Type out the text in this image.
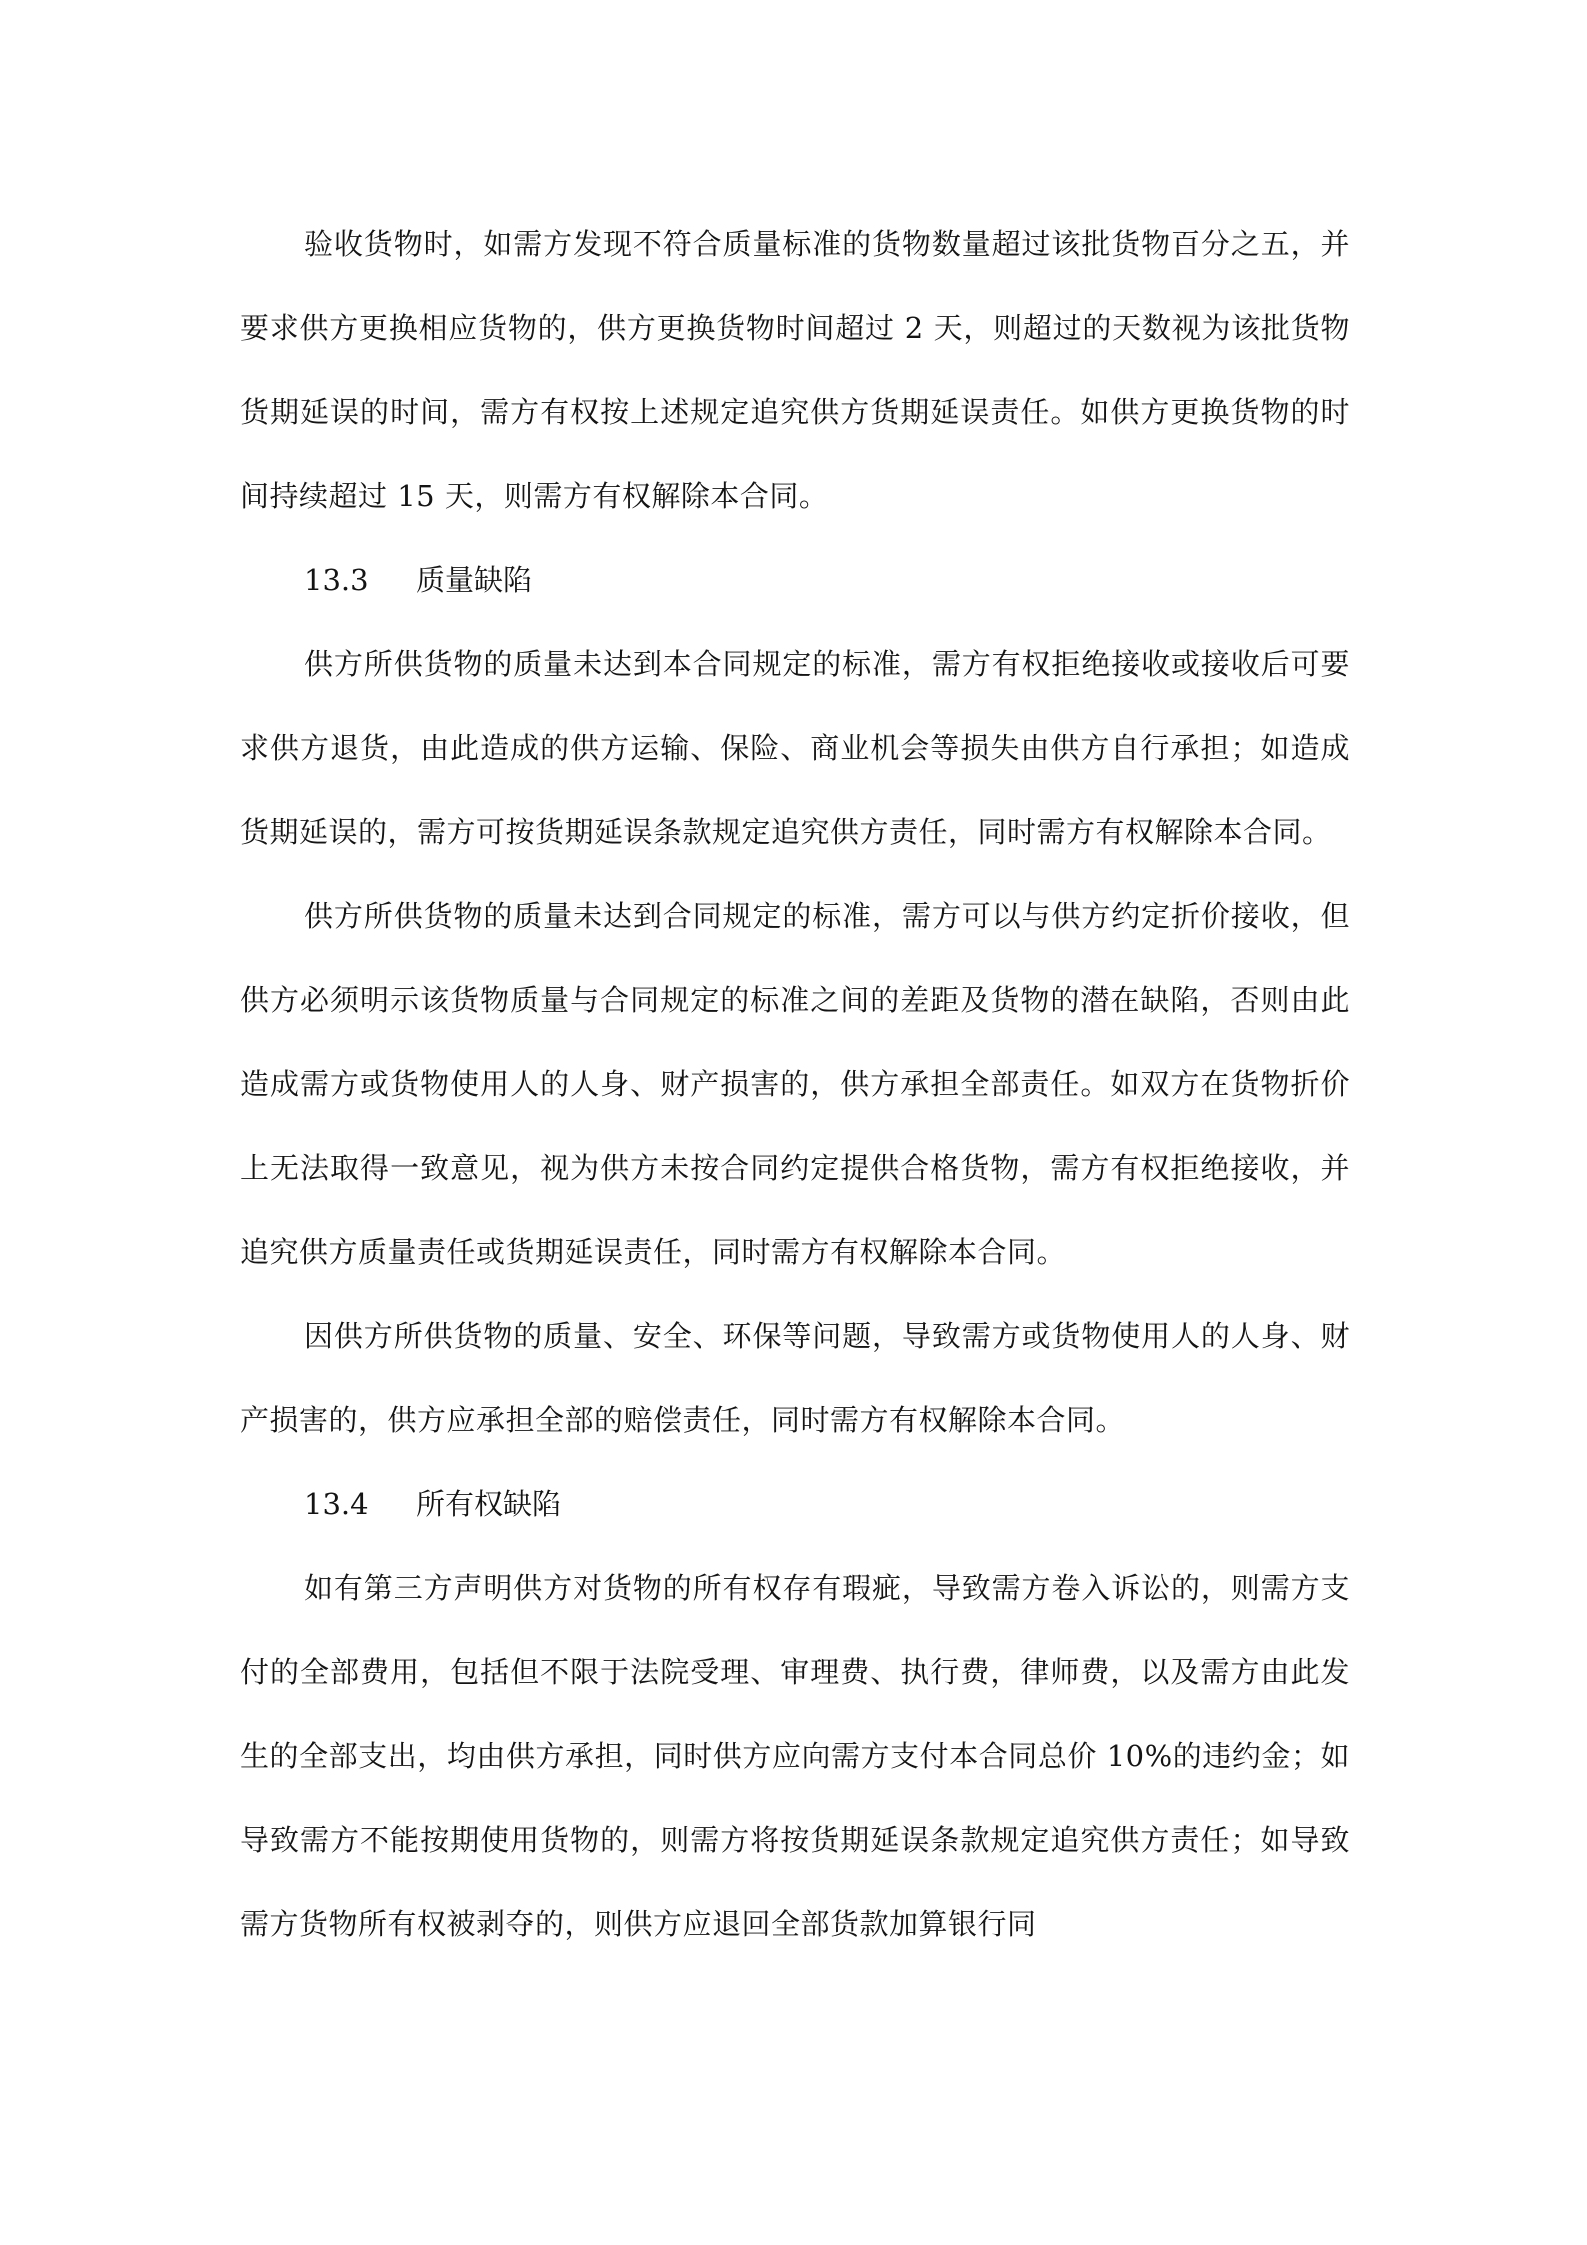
验收货物时，如需方发现不符合质量标准的货物数量超过该批货物百分之五，并要求供方更换相应货物的，供方更换货物时间超过 2 天，则超过的天数视为该批货物货期延误的时间，需方有权按上述规定追究供方货期延误责任。如供方更换货物的时间持续超过 15 天，则需方有权解除本合同。

13.3 质量缺陷

供方所供货物的质量未达到本合同规定的标准，需方有权拒绝接收或接收后可要求供方退货，由此造成的供方运输、保险、商业机会等损失由供方自行承担；如造成货期延误的，需方可按货期延误条款规定追究供方责任，同时需方有权解除本合同。

供方所供货物的质量未达到合同规定的标准，需方可以与供方约定折价接收，但供方必须明示该货物质量与合同规定的标准之间的差距及货物的潜在缺陷，否则由此造成需方或货物使用人的人身、财产损害的，供方承担全部责任。如双方在货物折价上无法取得一致意见，视为供方未按合同约定提供合格货物，需方有权拒绝接收，并追究供方质量责任或货期延误责任，同时需方有权解除本合同。

因供方所供货物的质量、安全、环保等问题，导致需方或货物使用人的人身、财产损害的，供方应承担全部的赔偿责任，同时需方有权解除本合同。

13.4 所有权缺陷

如有第三方声明供方对货物的所有权存有瑕疵，导致需方卷入诉讼的，则需方支付的全部费用，包括但不限于法院受理、审理费、执行费，律师费，以及需方由此发生的全部支出，均由供方承担，同时供方应向需方支付本合同总价 10%的违约金；如导致需方不能按期使用货物的，则需方将按货期延误条款规定追究供方责任；如导致需方货物所有权被剥夺的，则供方应退回全部货款加算银行同
